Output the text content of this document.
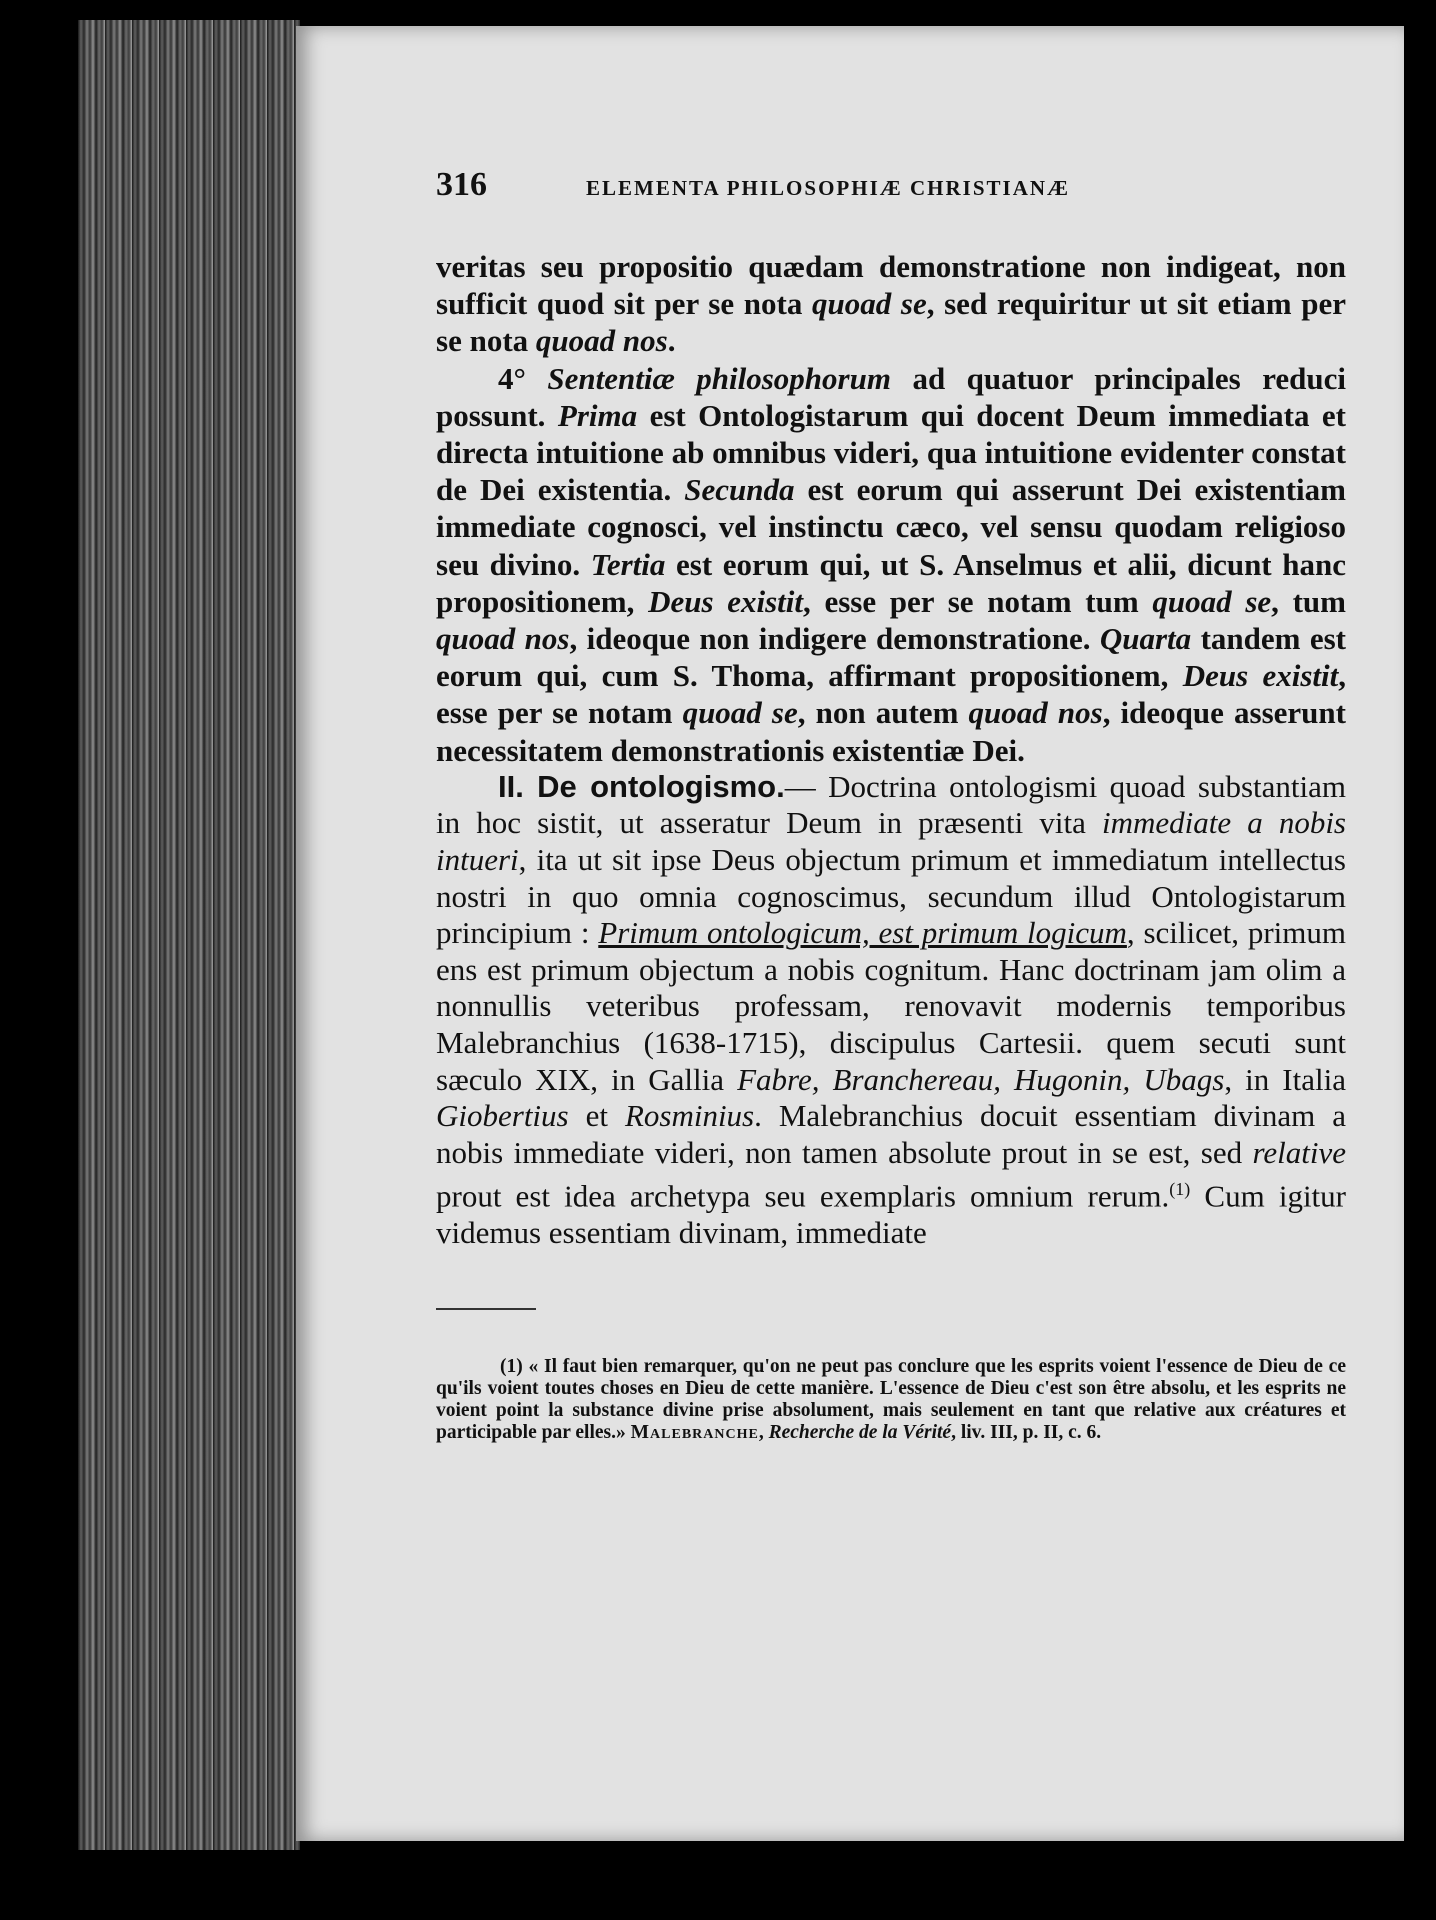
316	ELEMENTA PHILOSOPHIÆ CHRISTIANÆ

veritas seu propositio quædam demonstratione non indigeat, non sufficit quod sit per se nota quoad se, sed requiritur ut sit etiam per se nota quoad nos.

4° Sententiæ philosophorum ad quatuor principales reduci possunt. Prima est Ontologistarum qui docent Deum immediata et directa intuitione ab omnibus videri, qua intuitione evidenter constat de Dei existentia. Secunda est eorum qui asserunt Dei existentiam immediate cognosci, vel instinctu cæco, vel sensu quodam religioso seu divino. Tertia est eorum qui, ut S. Anselmus et alii, dicunt hanc propositionem, Deus existit, esse per se notam tum quoad se, tum quoad nos, ideoque non indigere demonstratione. Quarta tandem est eorum qui, cum S. Thoma, affirmant propositionem, Deus existit, esse per se notam quoad se, non autem quoad nos, ideoque asserunt necessitatem demonstrationis existentiæ Dei.

II. De ontologismo.— Doctrina ontologismi quoad substantiam in hoc sistit, ut asseratur Deum in præsenti vita immediate a nobis intueri, ita ut sit ipse Deus objectum primum et immediatum intellectus nostri in quo omnia cognoscimus, secundum illud Ontologistarum principium : Primum ontologicum, est primum logicum, scilicet, primum ens est primum objectum a nobis cognitum. Hanc doctrinam jam olim a nonnullis veteribus professam, renovavit modernis temporibus Malebranchius (1638-1715), discipulus Cartesii. quem secuti sunt sæculo XIX, in Gallia Fabre, Branchereau, Hugonin, Ubags, in Italia Giobertius et Rosminius. Malebranchius docuit essentiam divinam a nobis immediate videri, non tamen absolute prout in se est, sed relative prout est idea archetypa seu exemplaris omnium rerum.$^{(1)}$ Cum igitur videmus essentiam divinam, immediate

(1) « Il faut bien remarquer, qu'on ne peut pas conclure que les esprits voient l'essence de Dieu de ce qu'ils voient toutes choses en Dieu de cette manière. L'essence de Dieu c'est son être absolu, et les esprits ne voient point la substance divine prise absolument, mais seulement en tant que relative aux créatures et participable par elles.» Malebranche, Recherche de la Vérité, liv. III, p. II, c. 6.
